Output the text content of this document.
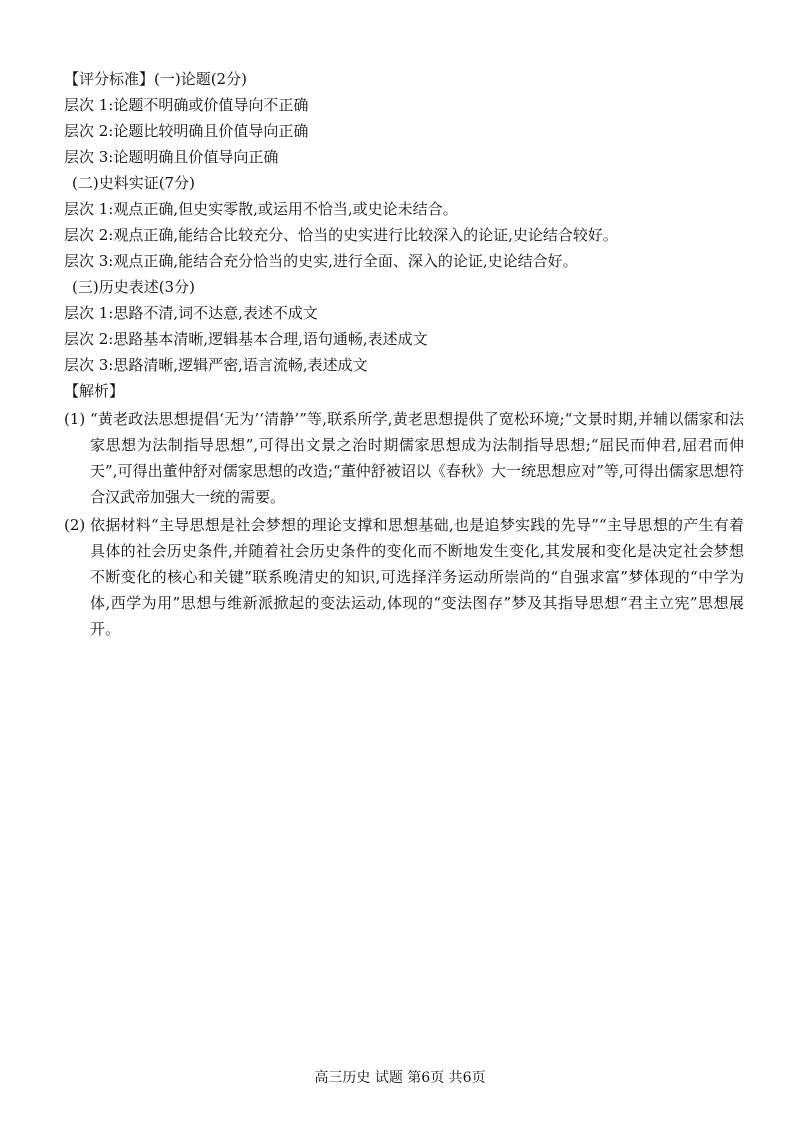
【评分标准】(一)论题(2分)
层次 1:论题不明确或价值导向不正确
层次 2:论题比较明确且价值导向正确
层次 3:论题明确且价值导向正确
(二)史料实证(7分)
层次 1:观点正确,但史实零散,或运用不恰当,或史论未结合。
层次 2:观点正确,能结合比较充分、恰当的史实进行比较深入的论证,史论结合较好。
层次 3:观点正确,能结合充分恰当的史实,进行全面、深入的论证,史论结合好。
(三)历史表述(3分)
层次 1:思路不清,词不达意,表述不成文
层次 2:思路基本清晰,逻辑基本合理,语句通畅,表述成文
层次 3:思路清晰,逻辑严密,语言流畅,表述成文
【解析】
(1) “黄老政法思想提倡‘无为’‘清静’”等,联系所学,黄老思想提供了宽松环境;“文景时期,并辅以儒家和法家思想为法制指导思想”,可得出文景之治时期儒家思想成为法制指导思想;“屈民而伸君,屈君而伸天”,可得出董仲舒对儒家思想的改造;“董仲舒被诏以《春秋》大一统思想应对”等,可得出儒家思想符合汉武帝加强大一统的需要。
(2) 依据材料“主导思想是社会梦想的理论支撑和思想基础,也是追梦实践的先导”“主导思想的产生有着具体的社会历史条件,并随着社会历史条件的变化而不断地发生变化,其发展和变化是决定社会梦想不断变化的核心和关键”联系晚清史的知识,可选择洋务运动所崇尚的“自强求富”梦体现的“中学为体,西学为用”思想与维新派掀起的变法运动,体现的“变法图存”梦及其指导思想“君主立宪”思想展开。
高三历史 试题 第6页 共6页
